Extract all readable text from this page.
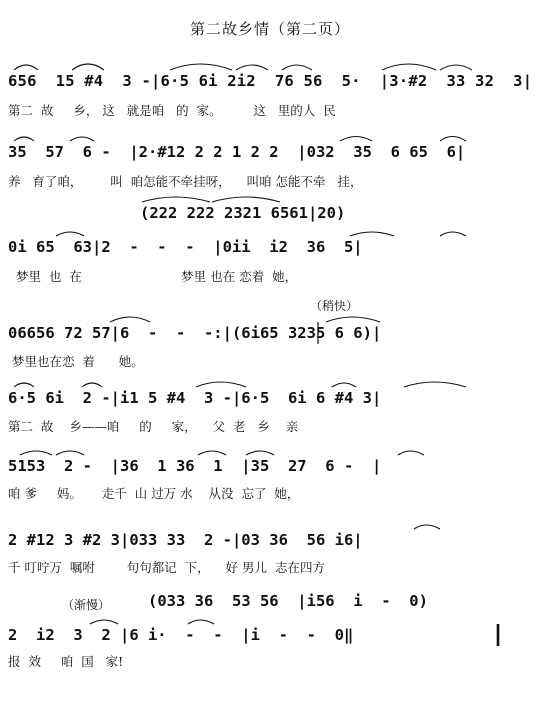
第二故乡情（第二页）
656  15 #4  3 -|6·5 6i 2i2  76 56  5·  |3·#2  33 32  3|
第二  故     乡， 这   就是咱   的  家。        这   里的人  民
35  57  6 -  |2·#12 2 2 1 2 2  |032  35  6 65  6|
养   育了咱，       叫  咱怎能不牵挂呀，    叫咱 怎能不牵   挂，
(222 222 2321 6561|20)
0i 65  63|2  -  -  -  |0ii  i2  36  5|
梦里  也  在                         梦里 也在 恋着  她，
（稍快）
06656 72 57|6  -  -  -:|(6i65 3235 6 6)|
梦里也在恋  着      她。
6·5 6i  2 -|i1 5 #4  3 -|6·5  6i 6 #4 3|
第二  故    乡——咱     的     家，    父  老   乡    亲
5153  2 -  |36  1 36  1  |35  27  6 -  |
咱 爹     妈。     走千  山 过万 水    从没  忘了  她，
2 #12 3 #2 3|033 33  2 -|03 36  56 i6|
千 叮咛万  嘱咐        句句都记  下，    好 男儿  志在四方
（渐慢） (033 36  53 56  |i56  i  -  0)
2  i2  3  2 |6 i·  -  -  |i  -  -  0‖
报  效     咱  国   家!
